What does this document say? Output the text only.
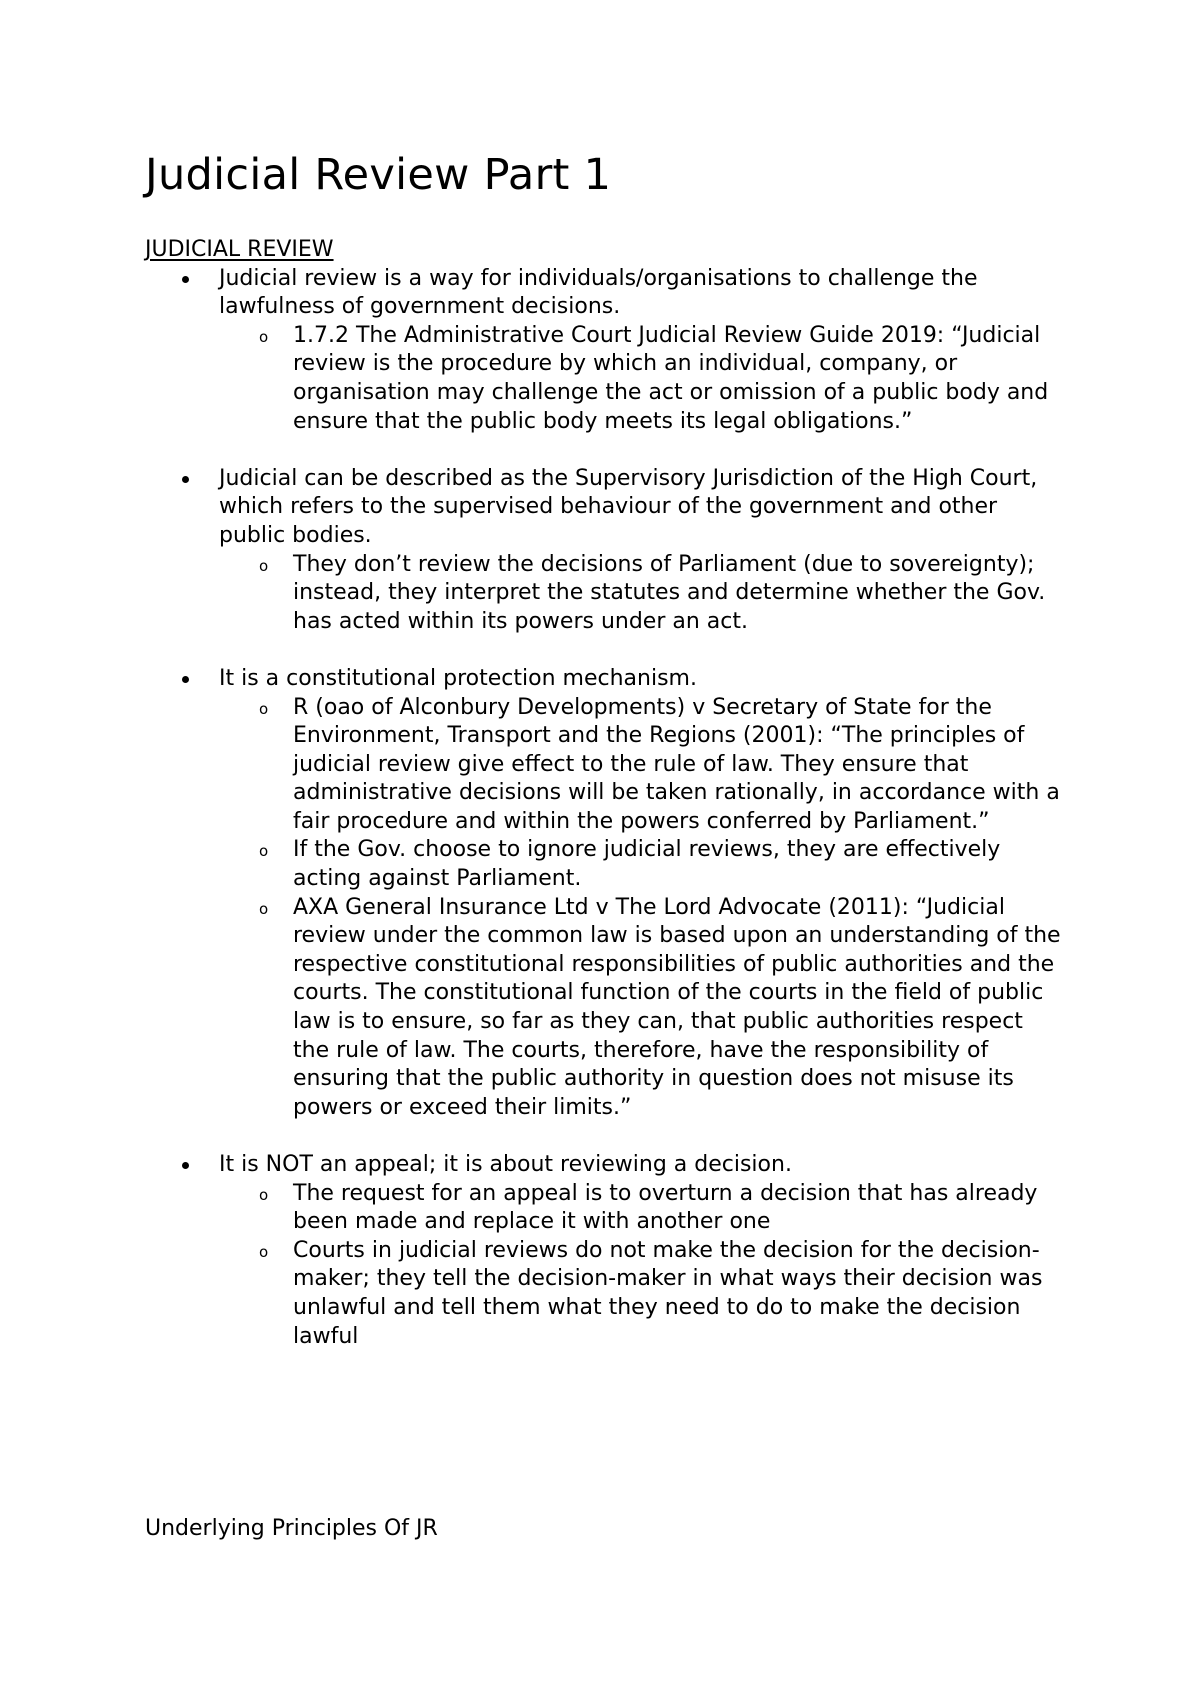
Judicial Review Part 1

JUDICIAL REVIEW

Judicial review is a way for individuals/organisations to challenge the lawfulness of government decisions.
o 1.7.2 The Administrative Court Judicial Review Guide 2019: “Judicial review is the procedure by which an individual, company, or organisation may challenge the act or omission of a public body and ensure that the public body meets its legal obligations.”
Judicial can be described as the Supervisory Jurisdiction of the High Court, which refers to the supervised behaviour of the government and other public bodies.
o They don’t review the decisions of Parliament (due to sovereignty); instead, they interpret the statutes and determine whether the Gov. has acted within its powers under an act.
It is a constitutional protection mechanism.
o R (oao of Alconbury Developments) v Secretary of State for the Environment, Transport and the Regions (2001): “The principles of judicial review give effect to the rule of law. They ensure that administrative decisions will be taken rationally, in accordance with a fair procedure and within the powers conferred by Parliament.”
o If the Gov. choose to ignore judicial reviews, they are effectively acting against Parliament.
o AXA General Insurance Ltd v The Lord Advocate (2011): “Judicial review under the common law is based upon an understanding of the respective constitutional responsibilities of public authorities and the courts. The constitutional function of the courts in the field of public law is to ensure, so far as they can, that public authorities respect the rule of law. The courts, therefore, have the responsibility of ensuring that the public authority in question does not misuse its powers or exceed their limits.”
It is NOT an appeal; it is about reviewing a decision.
o The request for an appeal is to overturn a decision that has already been made and replace it with another one
o Courts in judicial reviews do not make the decision for the decision-maker; they tell the decision-maker in what ways their decision was unlawful and tell them what they need to do to make the decision lawful

Underlying Principles Of JR
